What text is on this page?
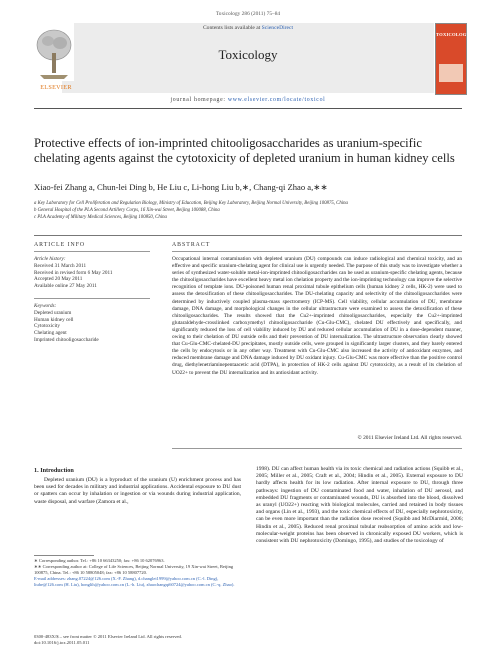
Toxicology 286 (2011) 75–84
Contents lists available at ScienceDirect
Toxicology
ELSEVIER
TOXICOLOGY
journal homepage: www.elsevier.com/locate/toxicol
Protective effects of ion-imprinted chitooligosaccharides as uranium-specific chelating agents against the cytotoxicity of depleted uranium in human kidney cells
Xiao-fei Zhang a, Chun-lei Ding b, He Liu c, Li-hong Liu b,∗, Chang-qi Zhao a,∗∗
a Key Laboratory for Cell Proliferation and Regulation Biology, Ministry of Education, Beijing Key Laboratory, Beijing Normal University, Beijing 100875, China
b General Hospital of the PLA Second Artillery Corps, 16 Xin-wai Street, Beijing 100088, China
c PLA Academy of Military Medical Sciences, Beijing 100850, China
ARTICLE INFO
Article history:
Received 31 March 2011
Received in revised form 6 May 2011
Accepted 20 May 2011
Available online 27 May 2011
Keywords:
Depleted uranium
Human kidney cell
Cytotoxicity
Chelating agent
Imprinted chitooligosaccharide
ABSTRACT
Occupational internal contamination with depleted uranium (DU) compounds can induce radiological and chemical toxicity, and an effective and specific uranium-chelating agent for clinical use is urgently needed. The purpose of this study was to investigate whether a series of synthesized water-soluble metal-ion-imprinted chitooligosaccharides can be used as uranium-specific chelating agents, because the chitooligosaccharides have excellent heavy metal ion chelation property and the ion-imprinting technology can improve the selective recognition of template ions. DU-poisoned human renal proximal tubule epithelium cells (human kidney 2 cells, HK-2) were used to assess the detoxification of these chitooligosaccharides. The DU-chelating capacity and selectivity of the chitooligosaccharides were determined by inductively coupled plasma-mass spectrometry (ICP-MS). Cell viability, cellular accumulation of DU, membrane damage, DNA damage, and morphological changes in the cellular ultrastructure were examined to assess the detoxification of these chitooligosaccharides. The results showed that the Cu2+-imprinted chitooligosaccharides, especially the Cu2+-imprinted glutaraldehyde-crosslinked carboxymethyl chitooligosaccharide (Cu-Glu-CMC), chelated DU effectively and specifically, and significantly reduced the loss of cell viability induced by DU and reduced cellular accumulation of DU in a dose-dependent manner, owing to their chelation of DU outside cells and their prevention of DU internalization. The ultrastructure observation clearly showed that Cu-Glu-CMC-chelated-DU precipitates, mostly outside cells, were grouped in significantly larger clusters, and they barely entered the cells by endocytosis or in any other way. Treatment with Cu-Glu-CMC also increased the activity of antioxidant enzymes, and reduced membrane damage and DNA damage induced by DU oxidant injury. Cu-Glu-CMC was more effective than the positive control drug, diethylenetriaminepentaacetic acid (DTPA), in protection of HK-2 cells against DU cytotoxicity, as a result of its chelation of UO22+ to prevent the DU internalization and its antioxidant activity.
© 2011 Elsevier Ireland Ltd. All rights reserved.
1. Introduction
Depleted uranium (DU) is a byproduct of the uranium (U) enrichment process and has been used for decades in military and industrial applications. Accidental exposure to DU dust or spatters can occur by inhalation or ingestion or via wounds during industrial application, waste disposal, and warfare (Zamora et al.,
1998). DU can affect human health via its toxic chemical and radiation actions (Squibb et al., 2005; Miller et al., 2005; Craft et al., 2004; Hindin et al., 2005). External exposure to DU hardly affects health for its low radiation. After internal exposure to DU, through three pathways: ingestion of DU contaminated food and water, inhalation of DU aerosol, and embedded DU fragments or contaminated wounds, DU is absorbed into the blood, dissolved as uranyl (UO22+) reacting with biological molecules, carried and retained in body tissues and organs (Lin et al., 1993), and the toxic chemical effects of DU, especially nephrotoxicity, can be even more important than the radiation dose received (Squibb and McDiarmid, 2006; Hindin et al., 2005). Reduced renal proximal tubular reabsorption of amino acids and low-molecular-weight proteins has been observed in chronically exposed DU workers, which is consistent with DU nephrotoxicity (Domingo, 1995), and studies of the toxicology of
∗ Corresponding author. Tel.: +86 10 66343250; fax: +86 10 62076963.
∗∗ Corresponding author at: College of Life Sciences, Beijing Normal University, 19 Xin-wai Street, Beijing 100875, China. Tel.: +86 10 58805048; fax: +86 10 58807720.
E-mail addresses: zhang.07224@126.com (X.-F. Zhang), d.changlei1999@yahoo.com.cn (C.-l. Ding), liuhe@126.com (H. Liu), honglih@yahoo.com.cn (L.-h. Liu), zhaochangqi60724@yahoo.com.cn (C.-q. Zhao).
0300-483X/$ – see front matter © 2011 Elsevier Ireland Ltd. All rights reserved.
doi:10.1016/j.tox.2011.05.011
